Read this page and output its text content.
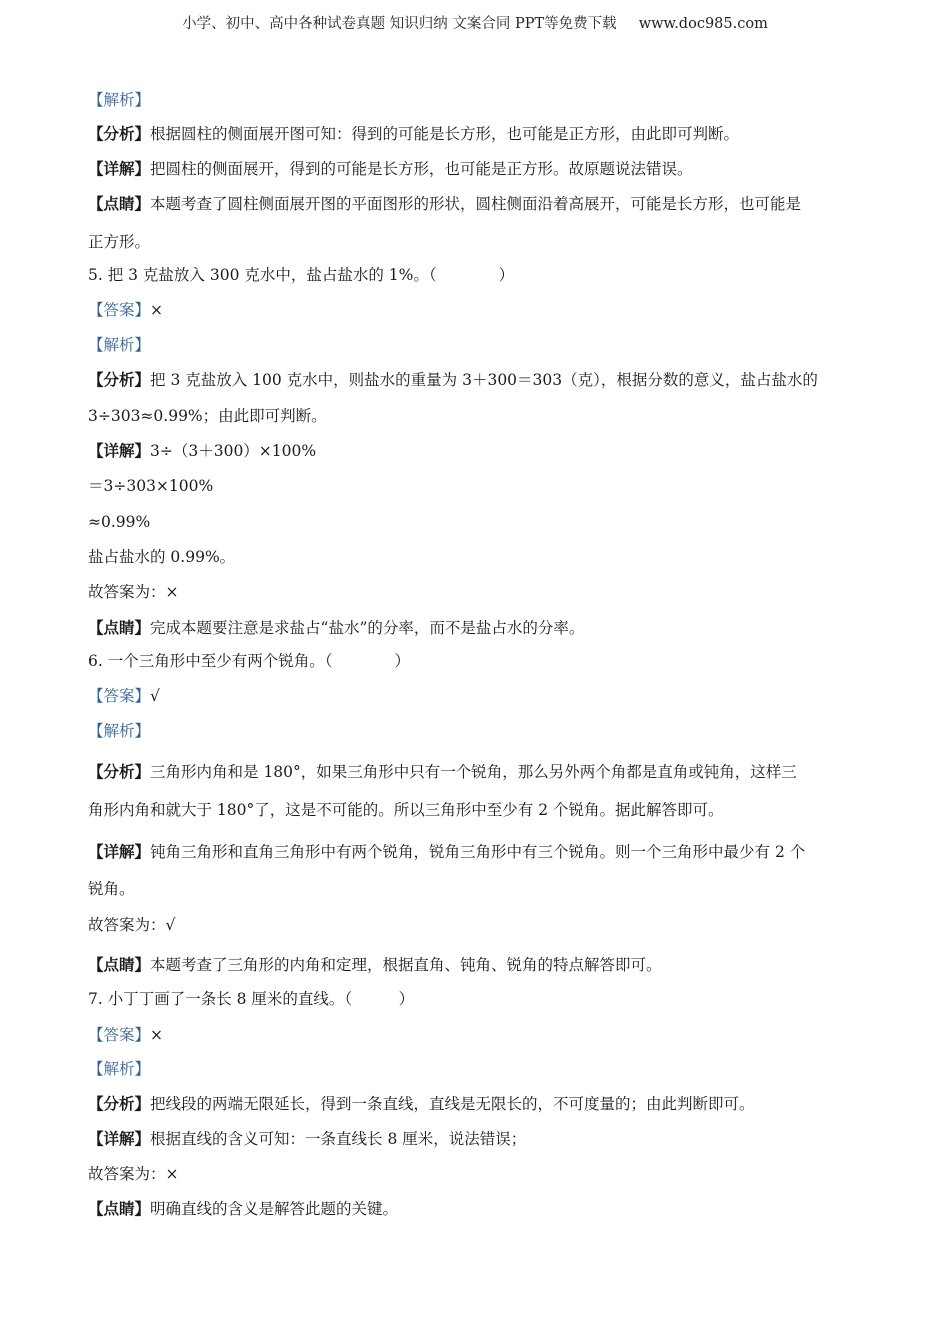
小学、初中、高中各种试卷真题 知识归纳 文案合同 PPT等免费下载 www.doc985.com
【解析】
【分析】根据圆柱的侧面展开图可知：得到的可能是长方形，也可能是正方形，由此即可判断。
【详解】把圆柱的侧面展开，得到的可能是长方形，也可能是正方形。故原题说法错误。
【点睛】本题考查了圆柱侧面展开图的平面图形的形状，圆柱侧面沿着高展开，可能是长方形，也可能是
正方形。
5. 把 3 克盐放入 300 克水中，盐占盐水的 1%。（　　　　）
【答案】×
【解析】
【分析】把 3 克盐放入 100 克水中，则盐水的重量为 3＋300＝303（克），根据分数的意义，盐占盐水的
3÷303≈0.99%；由此即可判断。
【详解】3÷（3＋300）×100%
＝3÷303×100%
≈0.99%
盐占盐水的 0.99%。
故答案为：×
【点睛】完成本题要注意是求盐占“盐水”的分率，而不是盐占水的分率。
6. 一个三角形中至少有两个锐角。（　　　　）
【答案】√
【解析】
【分析】三角形内角和是 180°，如果三角形中只有一个锐角，那么另外两个角都是直角或钝角，这样三
角形内角和就大于 180°了，这是不可能的。所以三角形中至少有 2 个锐角。据此解答即可。
【详解】钝角三角形和直角三角形中有两个锐角，锐角三角形中有三个锐角。则一个三角形中最少有 2 个
锐角。
故答案为：√
【点睛】本题考查了三角形的内角和定理，根据直角、钝角、锐角的特点解答即可。
7. 小丁丁画了一条长 8 厘米的直线。（　　　）
【答案】×
【解析】
【分析】把线段的两端无限延长，得到一条直线，直线是无限长的，不可度量的；由此判断即可。
【详解】根据直线的含义可知：一条直线长 8 厘米，说法错误；
故答案为：×
【点睛】明确直线的含义是解答此题的关键。
